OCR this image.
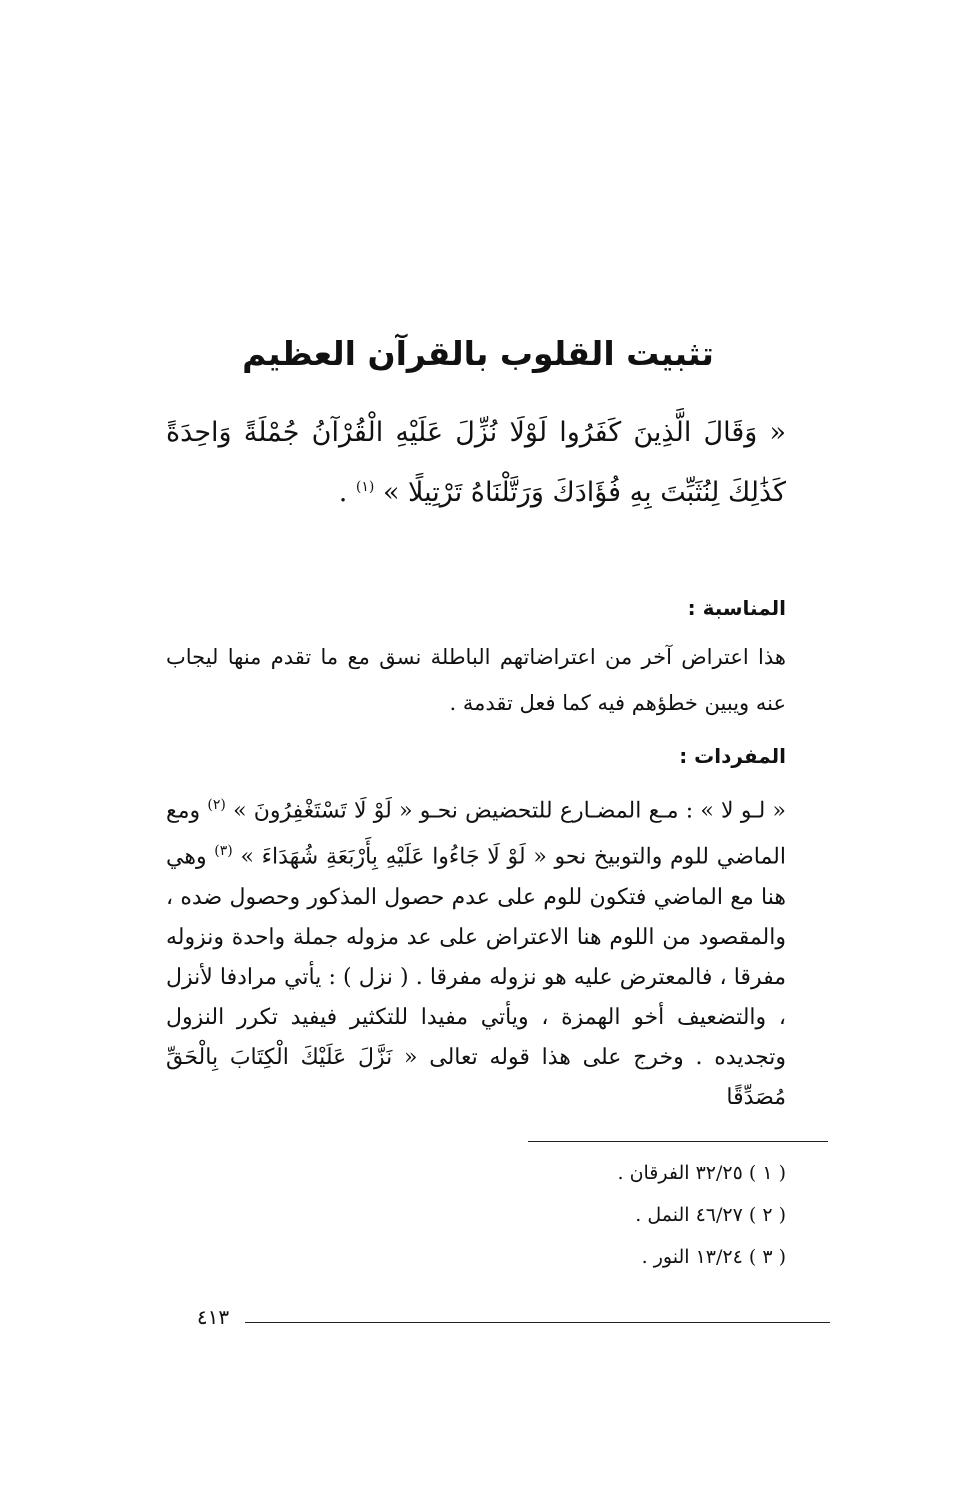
تثبيت القلوب بالقرآن العظيم

« وَقَالَ الَّذِينَ كَفَرُوا لَوْلَا نُزِّلَ عَلَيْهِ الْقُرْآنُ جُمْلَةً وَاحِدَةً كَذَٰلِكَ لِنُثَبِّتَ بِهِ فُؤَادَكَ وَرَتَّلْنَاهُ تَرْتِيلًا » $^{(١)}$ .

المناسبة :

هذا اعتراض آخر من اعتراضاتهم الباطلة نسق مع ما تقدم منها ليجاب عنه ويبين خطؤهم فيه كما فعل تقدمة .

المفردات :

« لـو لا » : مـع المضـارع للتحضيض نحـو « لَوْ لَا تَسْتَغْفِرُونَ » $^{(٢)}$ ومع الماضي للوم والتوبيخ نحو « لَوْ لَا جَاءُوا عَلَيْهِ بِأَرْبَعَةِ شُهَدَاءَ » $^{(٣)}$ وهي هنا مع الماضي فتكون للوم على عدم حصول المذكور وحصول ضده ، والمقصود من اللوم هنا الاعتراض على عد مزوله جملة واحدة ونزوله مفرقا ، فالمعترض عليه هو نزوله مفرقا . ( نزل ) : يأتي مرادفا لأنزل ، والتضعيف أخو الهمزة ، ويأتي مفيدا للتكثير فيفيد تكرر النزول وتجديده . وخرج على هذا قوله تعالى « نَزَّلَ عَلَيْكَ الْكِتَابَ بِالْحَقِّ مُصَدِّقًا

( ١ ) ٣٢/٢٥ الفرقان .
( ٢ ) ٤٦/٢٧ النمل .
( ٣ ) ١٣/٢٤ النور .
٤١٣
